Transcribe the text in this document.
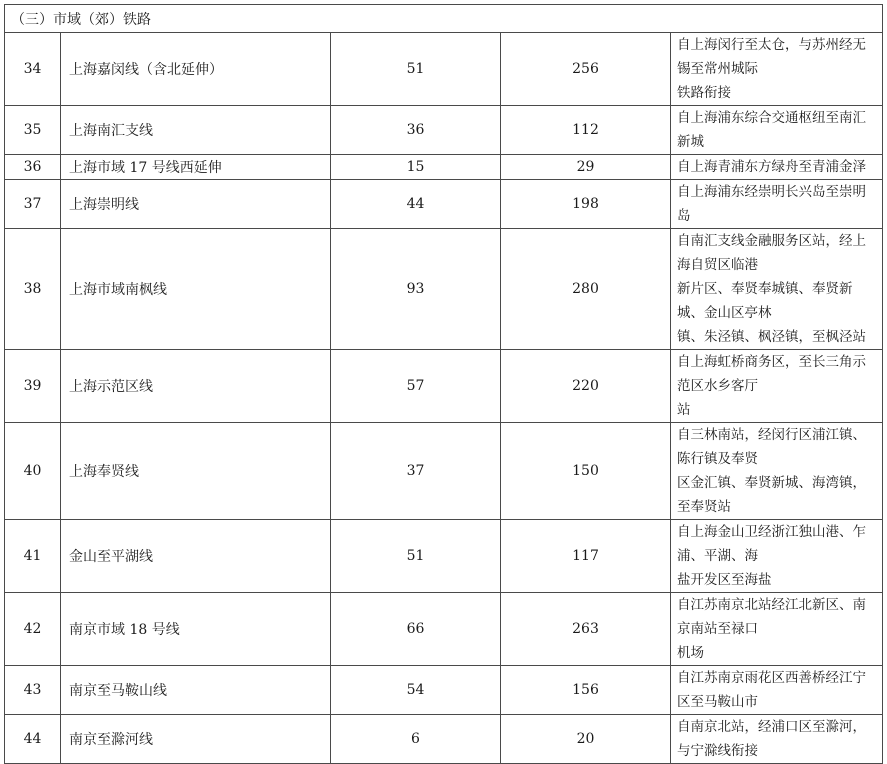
（三）市域（郊）铁路				
34	上海嘉闵线（含北延伸）	51	256	自上海闵行至太仓，与苏州经无锡至常州城际
铁路衔接

35	上海南汇支线	36	112	自上海浦东综合交通枢纽至南汇新城

36	上海市域 17 号线西延伸	15	29	自上海青浦东方绿舟至青浦金泽

37	上海崇明线	44	198	自上海浦东经崇明长兴岛至崇明岛

38	上海市域南枫线	93	280	自南汇支线金融服务区站，经上海自贸区临港
新片区、奉贤奉城镇、奉贤新城、金山区亭林
镇、朱泾镇、枫泾镇，至枫泾站

39	上海示范区线	57	220	自上海虹桥商务区，至长三角示范区水乡客厅
站

40	上海奉贤线	37	150	自三林南站，经闵行区浦江镇、陈行镇及奉贤
区金汇镇、奉贤新城、海湾镇，至奉贤站

41	金山至平湖线	51	117	自上海金山卫经浙江独山港、乍浦、平湖、海
盐开发区至海盐

42	南京市域 18 号线	66	263	自江苏南京北站经江北新区、南京南站至禄口
机场

43	南京至马鞍山线	54	156	自江苏南京雨花区西善桥经江宁区至马鞍山市

44	南京至滁河线	6	20	自南京北站，经浦口区至滁河，与宁滁线衔接
